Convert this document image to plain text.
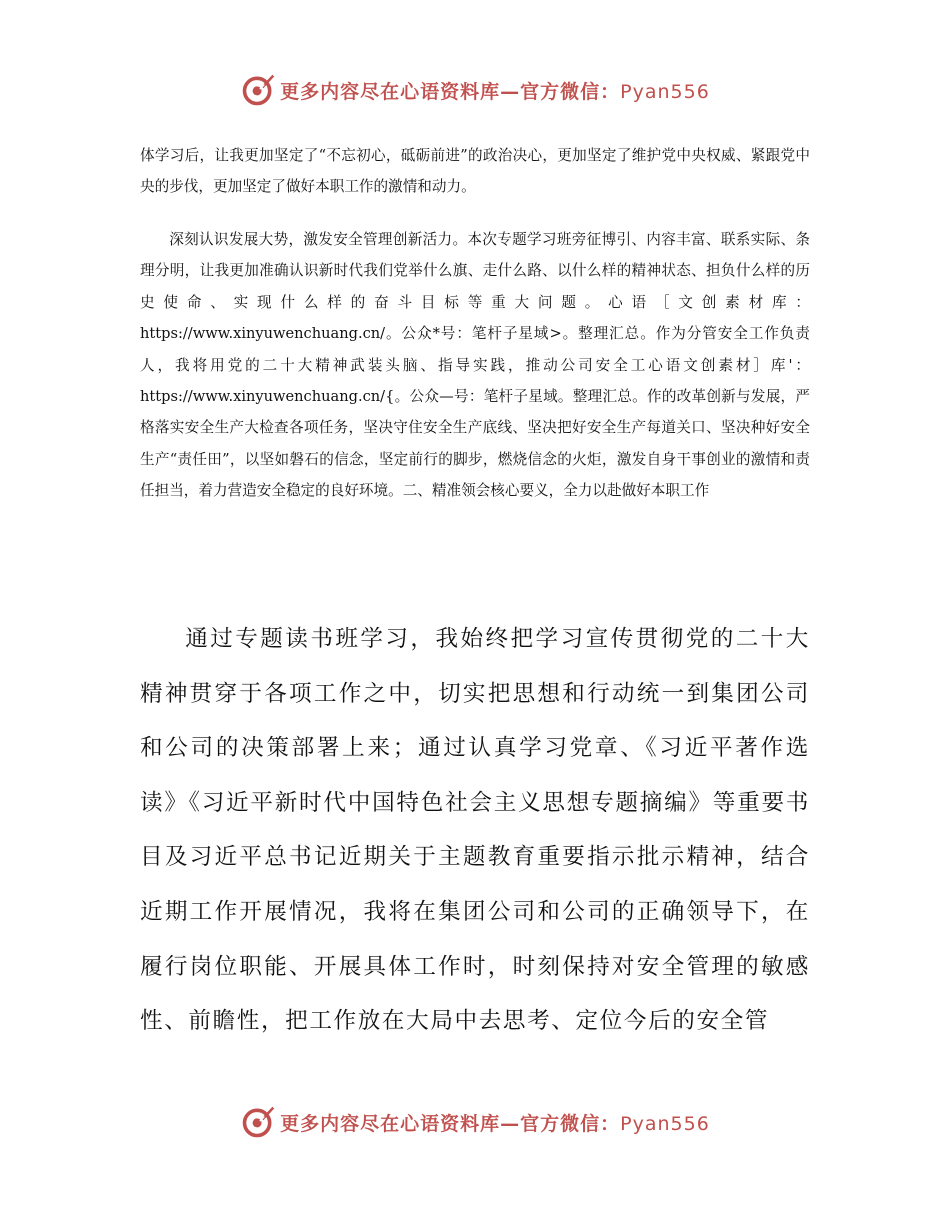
更多内容尽在心语资料库—官方微信：Pyan556
体学习后，让我更加坚定了“不忘初心，砥砺前进”的政治决心，更加坚定了维护党中央权威、紧跟党中央的步伐，更加坚定了做好本职工作的激情和动力。
深刻认识发展大势，激发安全管理创新活力。本次专题学习班旁征博引、内容丰富、联系实际、条理分明，让我更加准确认识新时代我们党举什么旗、走什么路、以什么样的精神状态、担负什么样的历史使命、实现什么样的奋斗目标等重大问题。心语［文创素材库：https://www.xinyuwenchuang.cn/。公众*号：笔杆子星域>。整理汇总。作为分管安全工作负责人，我将用党的二十大精神武装头脑、指导实践，推动公司安全工心语文创素材］库'：https://www.xinyuwenchuang.cn/{。公众—号：笔杆子星域。整理汇总。作的改革创新与发展，严格落实安全生产大检查各项任务，坚决守住安全生产底线、坚决把好安全生产每道关口、坚决种好安全生产“责任田”，以坚如磐石的信念，坚定前行的脚步，燃烧信念的火炬，激发自身干事创业的激情和责任担当，着力营造安全稳定的良好环境。二、精准领会核心要义，全力以赴做好本职工作
通过专题读书班学习，我始终把学习宣传贯彻党的二十大精神贯穿于各项工作之中，切实把思想和行动统一到集团公司和公司的决策部署上来；通过认真学习党章、《习近平著作选读》《习近平新时代中国特色社会主义思想专题摘编》等重要书目及习近平总书记近期关于主题教育重要指示批示精神，结合近期工作开展情况，我将在集团公司和公司的正确领导下，在履行岗位职能、开展具体工作时，时刻保持对安全管理的敏感性、前瞻性，把工作放在大局中去思考、定位今后的安全管
更多内容尽在心语资料库—官方微信：Pyan556
